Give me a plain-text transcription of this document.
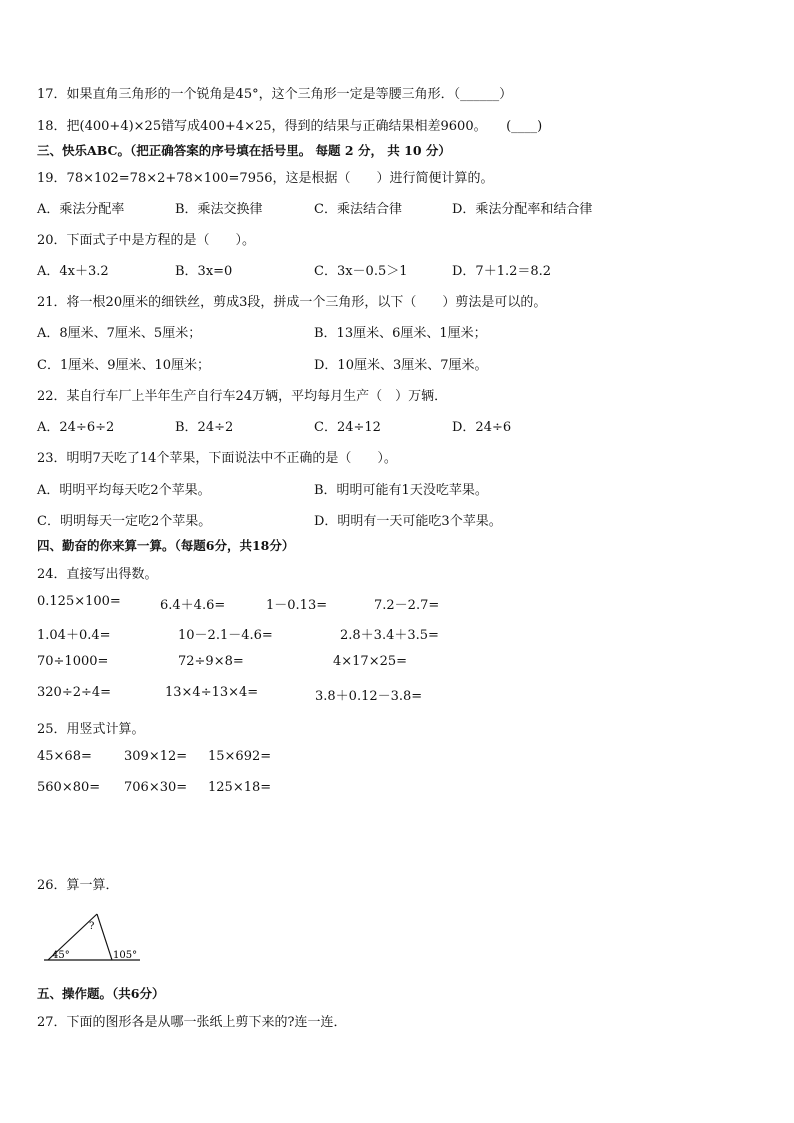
17．如果直角三角形的一个锐角是45°，这个三角形一定是等腰三角形．（______）
18．把(400+4)×25错写成400+4×25，得到的结果与正确结果相差9600。　　(____)
三、快乐ABC。（把正确答案的序号填在括号里。 每题 2 分， 共 10 分）
19．78×102=78×2+78×100=7956，这是根据（　　）进行简便计算的。
A．乘法分配率	B．乘法交换律	C．乘法结合律	D．乘法分配率和结合律
20．下面式子中是方程的是（　　）。
A．4x＋3.2	B．3x=0	C．3x－0.5＞1	D．7＋1.2＝8.2
21．将一根20厘米的细铁丝，剪成3段，拼成一个三角形，以下（　　）剪法是可以的。
A．8厘米、7厘米、5厘米；	B．13厘米、6厘米、1厘米；
C．1厘米、9厘米、10厘米；	D．10厘米、3厘米、7厘米。
22．某自行车厂上半年生产自行车24万辆，平均每月生产（　）万辆．
A．24÷6÷2	B．24÷2	C．24÷12	D．24÷6
23．明明7天吃了14个苹果，下面说法中不正确的是（　　）。
A．明明平均每天吃2个苹果。	B．明明可能有1天没吃苹果。
C．明明每天一定吃2个苹果。	D．明明有一天可能吃3个苹果。
四、勤奋的你来算一算。（每题6分，共18分）
24．直接写出得数。
0.125×100=	6.4＋4.6=	1－0.13=	7.2－2.7=
1.04＋0.4=	10－2.1－4.6=	2.8＋3.4＋3.5=
70÷1000=	72÷9×8=	4×17×25=
320÷2÷4=	13×4÷13×4=	3.8＋0.12－3.8=
25．用竖式计算。
45×68= 309×12= 15×692=
560×80= 706×30= 125×18=
26．算一算．
45°
?
105°
五、操作题。（共6分）
27．下面的图形各是从哪一张纸上剪下来的?连一连．
